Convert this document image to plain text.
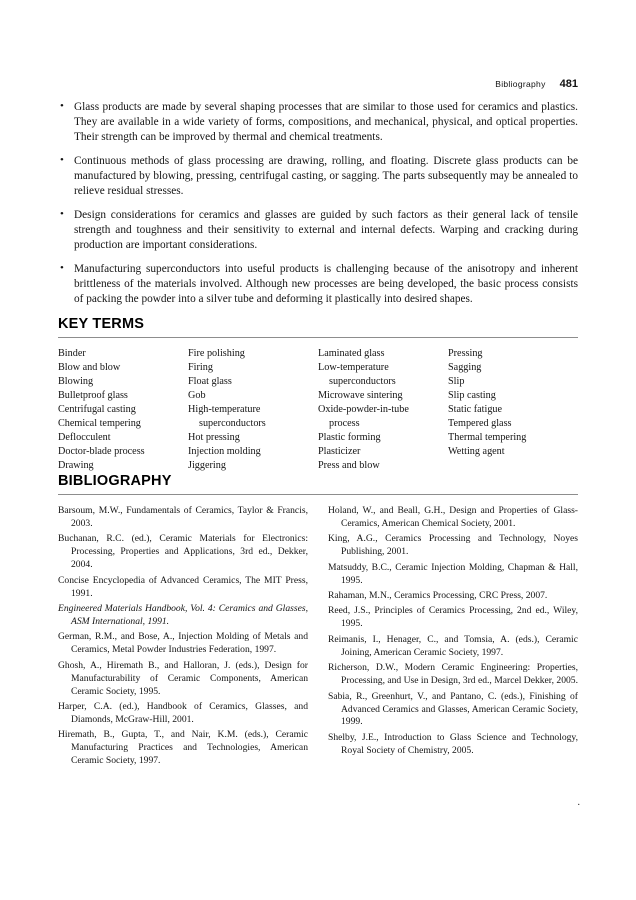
Bibliography 481
• Glass products are made by several shaping processes that are similar to those used for ceramics and plastics. They are available in a wide variety of forms, compositions, and mechanical, physical, and optical properties. Their strength can be improved by thermal and chemical treatments.
• Continuous methods of glass processing are drawing, rolling, and floating. Discrete glass products can be manufactured by blowing, pressing, centrifugal casting, or sagging. The parts subsequently may be annealed to relieve residual stresses.
• Design considerations for ceramics and glasses are guided by such factors as their general lack of tensile strength and toughness and their sensitivity to external and internal defects. Warping and cracking during production are important considerations.
• Manufacturing superconductors into useful products is challenging because of the anisotropy and inherent brittleness of the materials involved. Although new processes are being developed, the basic process consists of packing the powder into a silver tube and deforming it plastically into desired shapes.
KEY TERMS
Binder
Blow and blow
Blowing
Bulletproof glass
Centrifugal casting
Chemical tempering
Deflocculent
Doctor-blade process
Drawing
Fire polishing
Firing
Float glass
Gob
High-temperature
superconductors
Hot pressing
Injection molding
Jiggering
Laminated glass
Low-temperature
superconductors
Microwave sintering
Oxide-powder-in-tube
process
Plastic forming
Plasticizer
Press and blow
Pressing
Sagging
Slip
Slip casting
Static fatigue
Tempered glass
Thermal tempering
Wetting agent
BIBLIOGRAPHY
Barsoum, M.W., Fundamentals of Ceramics, Taylor & Francis, 2003.
Buchanan, R.C. (ed.), Ceramic Materials for Electronics: Processing, Properties and Applications, 3rd ed., Dekker, 2004.
Concise Encyclopedia of Advanced Ceramics, The MIT Press, 1991.
Engineered Materials Handbook, Vol. 4: Ceramics and Glasses, ASM International, 1991.
German, R.M., and Bose, A., Injection Molding of Metals and Ceramics, Metal Powder Industries Federation, 1997.
Ghosh, A., Hiremath B., and Halloran, J. (eds.), Design for Manufacturability of Ceramic Components, American Ceramic Society, 1995.
Harper, C.A. (ed.), Handbook of Ceramics, Glasses, and Diamonds, McGraw-Hill, 2001.
Hiremath, B., Gupta, T., and Nair, K.M. (eds.), Ceramic Manufacturing Practices and Technologies, American Ceramic Society, 1997.
Holand, W., and Beall, G.H., Design and Properties of Glass-Ceramics, American Chemical Society, 2001.
King, A.G., Ceramics Processing and Technology, Noyes Publishing, 2001.
Matsuddy, B.C., Ceramic Injection Molding, Chapman & Hall, 1995.
Rahaman, M.N., Ceramics Processing, CRC Press, 2007.
Reed, J.S., Principles of Ceramics Processing, 2nd ed., Wiley, 1995.
Reimanis, I., Henager, C., and Tomsia, A. (eds.), Ceramic Joining, American Ceramic Society, 1997.
Richerson, D.W., Modern Ceramic Engineering: Properties, Processing, and Use in Design, 3rd ed., Marcel Dekker, 2005.
Sabia, R., Greenhurt, V., and Pantano, C. (eds.), Finishing of Advanced Ceramics and Glasses, American Ceramic Society, 1999.
Shelby, J.E., Introduction to Glass Science and Technology, Royal Society of Chemistry, 2005.
.
